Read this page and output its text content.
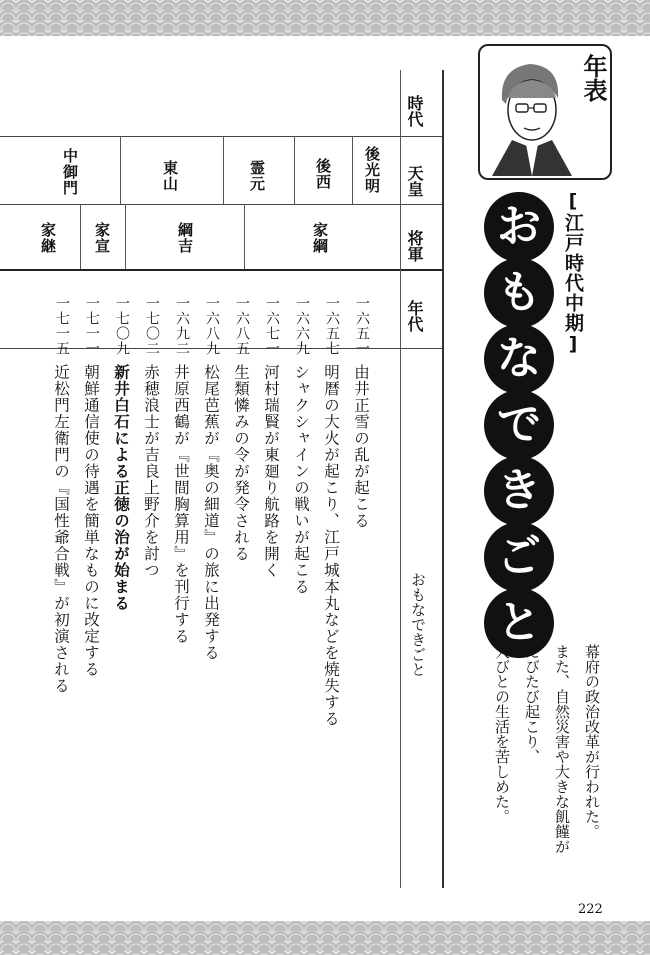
時代
天皇
将軍
年代
おもなできごと
後光明
後西
霊元
東山
中御門
家綱
綱吉
家宣
家継
一六五一
一六五七
一六六九
一六七一
一六八五
一六八九
一六九二
一七〇二
一七〇九
一七一一
一七一五
由井正雪の乱が起こる
明暦の大火が起こり、江戸城本丸などを焼失する
シャクシャインの戦いが起こる
河村瑞賢が東廻り航路を開く
生類憐みの令が発令される
松尾芭蕉が『奥の細道』の旅に出発する
井原西鶴が『世間胸算用』を刊行する
赤穂浪士が吉良上野介を討つ
新井白石による正徳の治が始まる
朝鮮通信使の待遇を簡単なものに改定する
近松門左衛門の『国性爺合戦』が初演される
年表
[江戸時代中期]
お
も
な
で
き
ご
と
幕府の政治改革が行われた。
また、自然災害や大きな飢饉が
たびたび起こり、
人びとの生活を苦しめた。
222
